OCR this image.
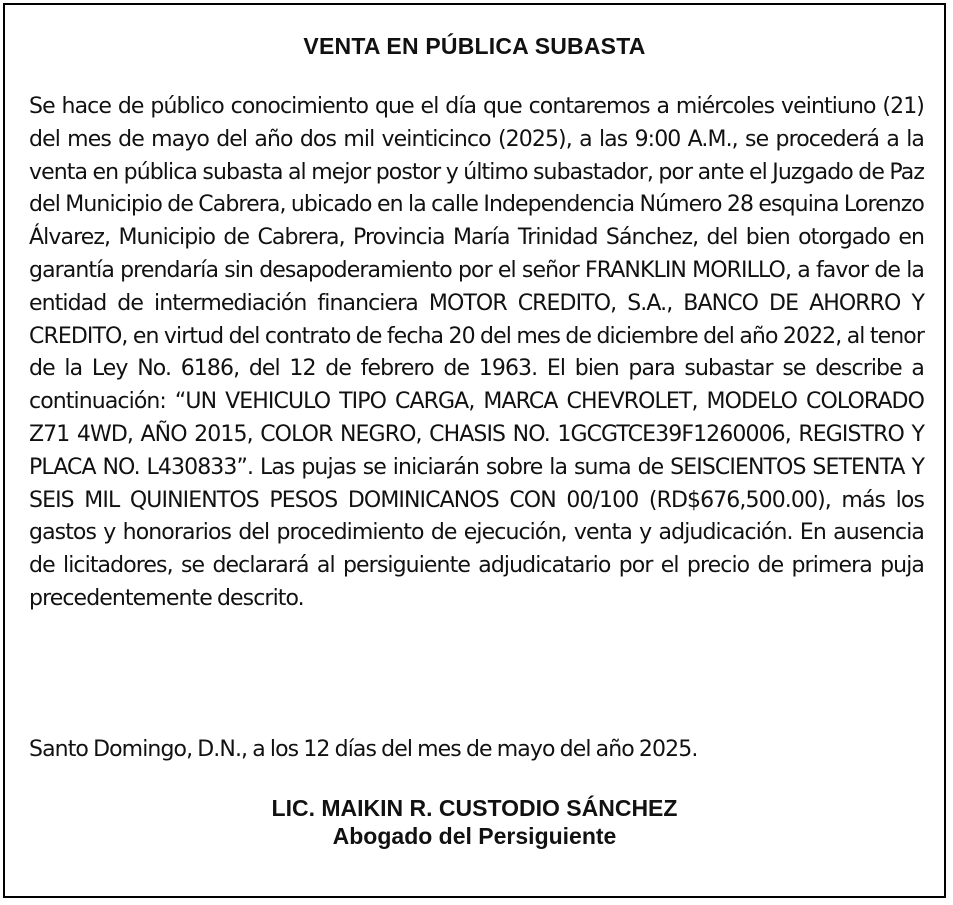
VENTA EN PÚBLICA SUBASTA

Se hace de público conocimiento que el día que contaremos a miércoles veintiuno (21) del mes de mayo del año dos mil veinticinco (2025), a las 9:00 A.M., se procederá a la venta en pública subasta al mejor postor y último subastador, por ante el Juzgado de Paz del Municipio de Cabrera, ubicado en la calle Independencia Número 28 esquina Lorenzo Álvarez, Municipio de Cabrera, Provincia María Trinidad Sánchez, del bien otorgado en garantía prendaría sin desapoderamiento por el señor FRANKLIN MORILLO, a favor de la entidad de intermediación financiera MOTOR CREDITO, S.A., BANCO DE AHORRO Y CREDITO, en virtud del contrato de fecha 20 del mes de diciembre del año 2022, al tenor de la Ley No. 6186, del 12 de febrero de 1963. El bien para subastar se describe a continuación: “UN VEHICULO TIPO CARGA, MARCA CHEVROLET, MODELO COLORADO Z71 4WD, AÑO 2015, COLOR NEGRO, CHASIS NO. 1GCGTCE39F1260006, REGISTRO Y PLACA NO. L430833”. Las pujas se iniciarán sobre la suma de SEISCIENTOS SETENTA Y SEIS MIL QUINIENTOS PESOS DOMINICANOS CON 00/100 (RD$676,500.00), más los gastos y honorarios del procedimiento de ejecución, venta y adjudicación. En ausencia de licitadores, se declarará al persiguiente adjudicatario por el precio de primera puja precedentemente descrito.

Santo Domingo, D.N., a los 12 días del mes de mayo del año 2025.

LIC. MAIKIN R. CUSTODIO SÁNCHEZ
Abogado del Persiguiente
